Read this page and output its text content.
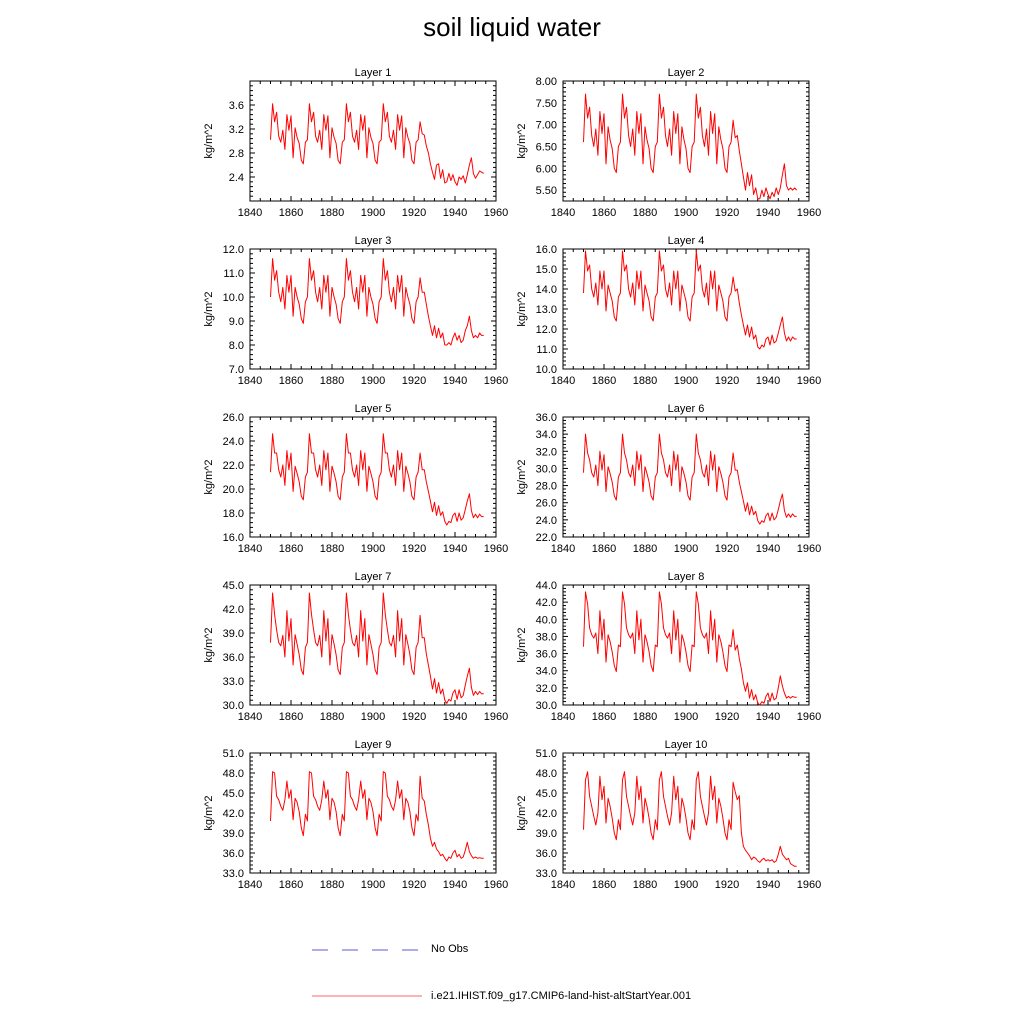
soil liquid water
Layer 1
kg/m^2
1840 1860 1880 1900 1920 1940 1960
2.4
2.8
3.2
3.6
Layer 2
kg/m^2
1840 1860 1880 1900 1920 1940 1960
5.50
6.00
6.50
7.00
7.50
8.00
Layer 3
kg/m^2
1840 1860 1880 1900 1920 1940 1960
7.0
8.0
9.0
10.0
11.0
12.0
Layer 4
kg/m^2
1840 1860 1880 1900 1920 1940 1960
10.0
11.0
12.0
13.0
14.0
15.0
16.0
Layer 5
kg/m^2
1840 1860 1880 1900 1920 1940 1960
16.0
18.0
20.0
22.0
24.0
26.0
Layer 6
kg/m^2
1840 1860 1880 1900 1920 1940 1960
22.0
24.0
26.0
28.0
30.0
32.0
34.0
36.0
Layer 7
kg/m^2
1840 1860 1880 1900 1920 1940 1960
30.0
33.0
36.0
39.0
42.0
45.0
Layer 8
kg/m^2
1840 1860 1880 1900 1920 1940 1960
30.0
32.0
34.0
36.0
38.0
40.0
42.0
44.0
Layer 9
kg/m^2
1840 1860 1880 1900 1920 1940 1960
33.0
36.0
39.0
42.0
45.0
48.0
51.0
Layer 10
kg/m^2
1840 1860 1880 1900 1920 1940 1960
33.0
36.0
39.0
42.0
45.0
48.0
51.0
No Obs
i.e21.IHIST.f09_g17.CMIP6-land-hist-altStartYear.001
